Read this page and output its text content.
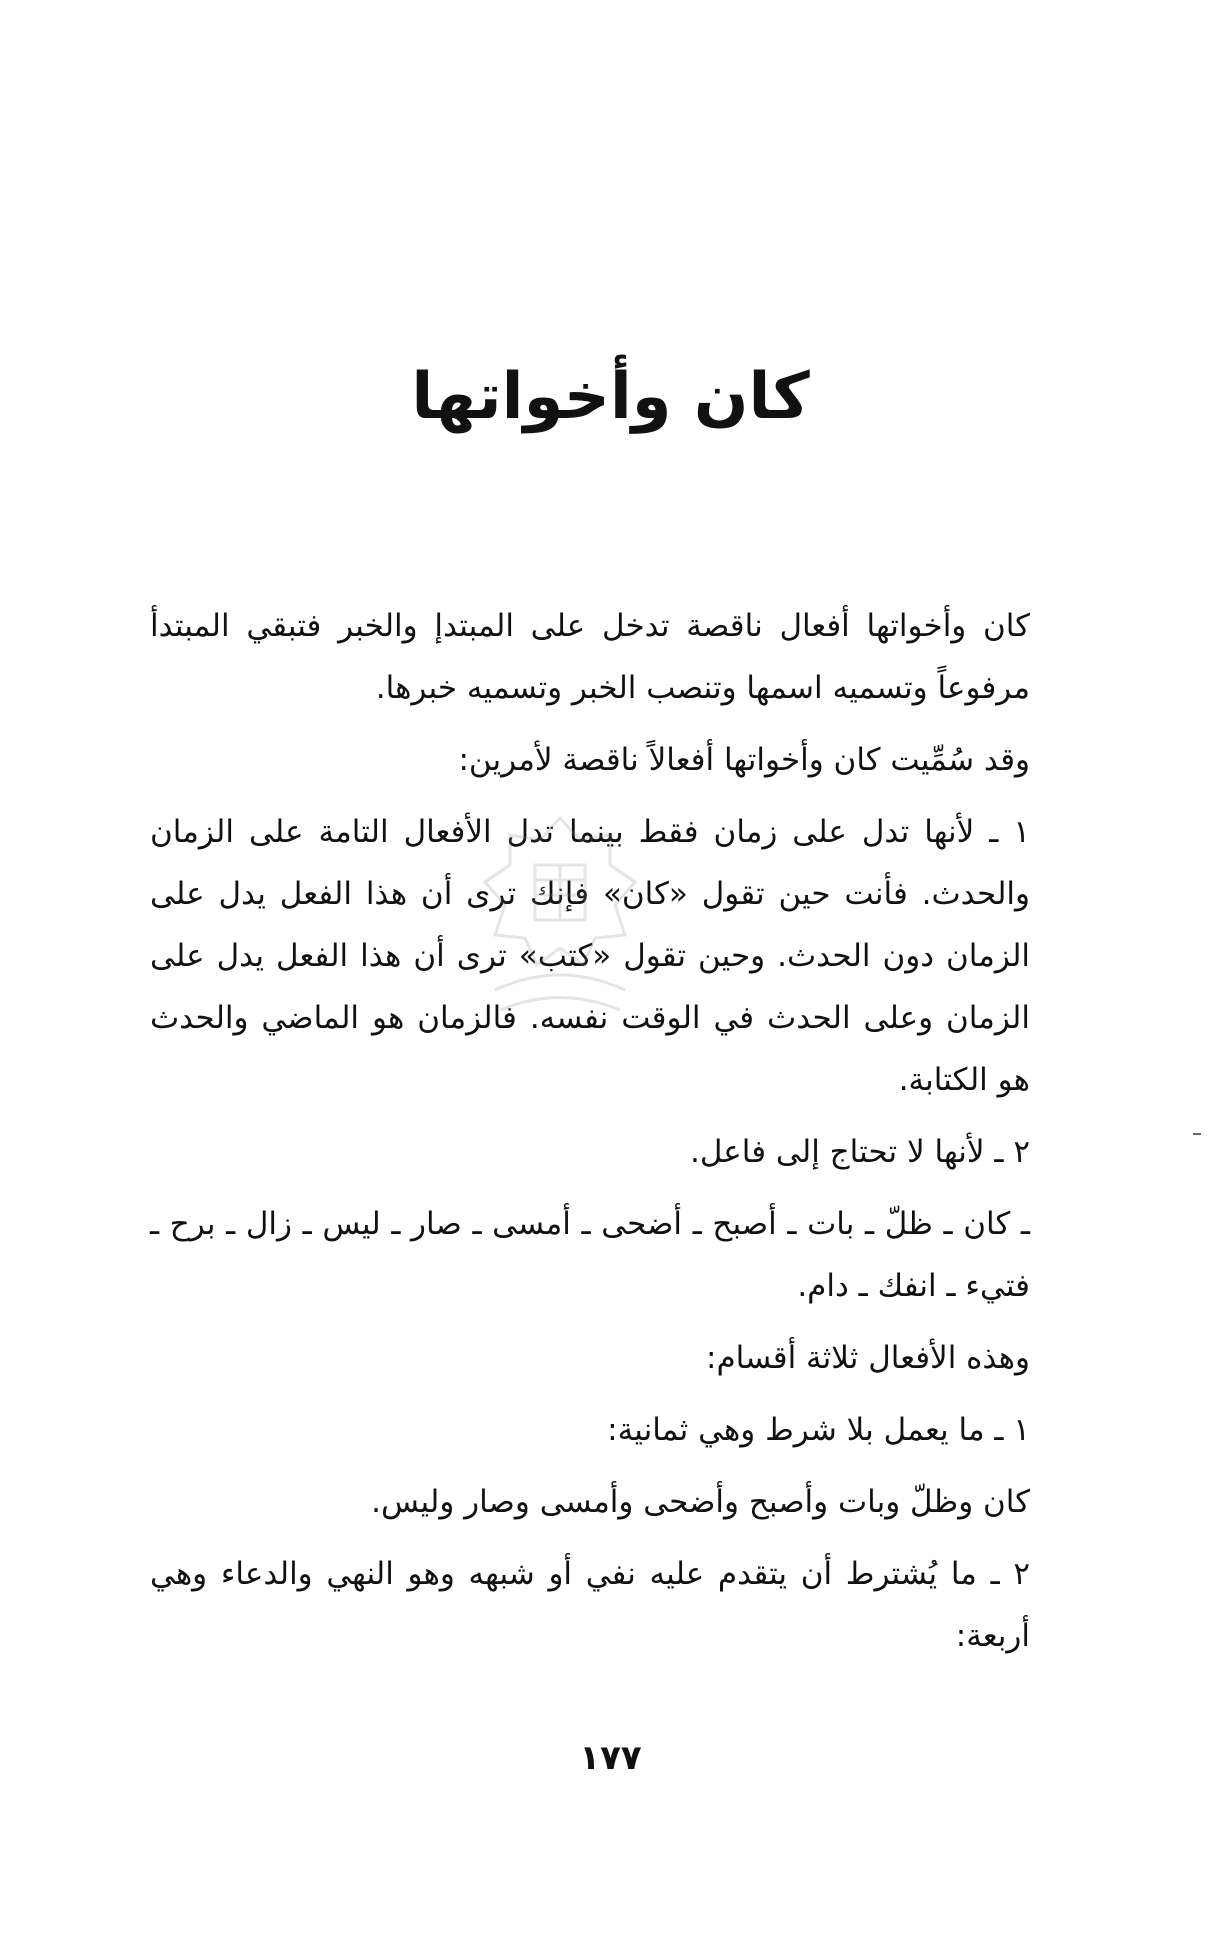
كان وأخواتها

كان وأخواتها أفعال ناقصة تدخل على المبتدإ والخبر فتبقي المبتدأ مرفوعاً وتسميه اسمها وتنصب الخبر وتسميه خبرها.

وقد سُمِّيت كان وأخواتها أفعالاً ناقصة لأمرين:

١ ـ لأنها تدل على زمان فقط بينما تدل الأفعال التامة على الزمان والحدث. فأنت حين تقول «كان» فإنك ترى أن هذا الفعل يدل على الزمان دون الحدث. وحين تقول «كتب» ترى أن هذا الفعل يدل على الزمان وعلى الحدث في الوقت نفسه. فالزمان هو الماضي والحدث هو الكتابة.

٢ ـ لأنها لا تحتاج إلى فاعل.

ـ كان ـ ظلّ ـ بات ـ أصبح ـ أضحى ـ أمسى ـ صار ـ ليس ـ زال ـ برح ـ فتيء ـ انفك ـ دام.

وهذه الأفعال ثلاثة أقسام:

١ ـ ما يعمل بلا شرط وهي ثمانية:

كان وظلّ وبات وأصبح وأضحى وأمسى وصار وليس.

٢ ـ ما يُشترط أن يتقدم عليه نفي أو شبهه وهو النهي والدعاء وهي أربعة:

١٧٧
